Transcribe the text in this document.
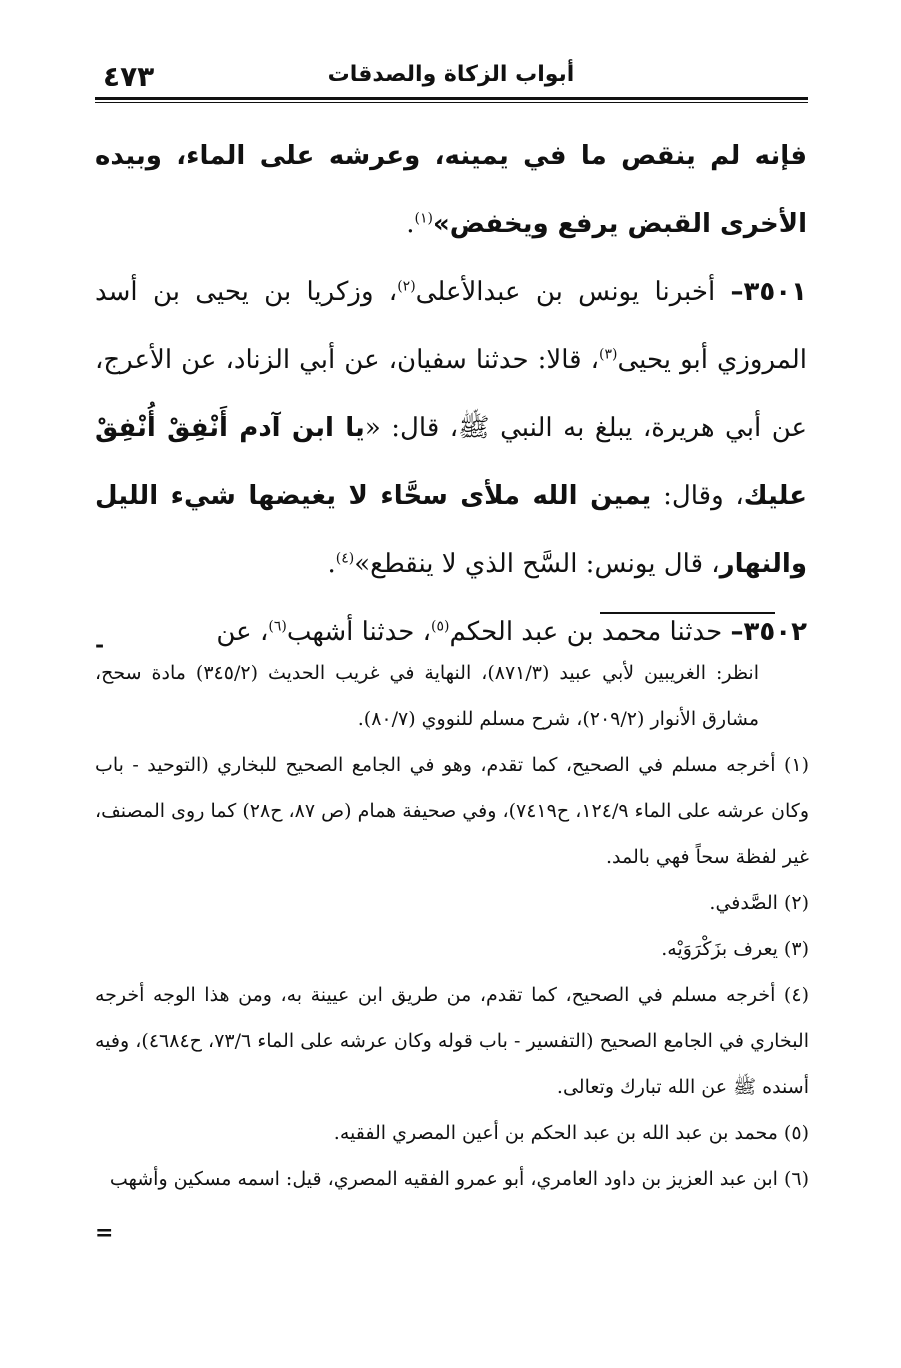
أبواب الزكاة والصدقات
٤٧٣

فإنه لم ينقص ما في يمينه، وعرشه على الماء، وبيده الأخرى القبض يرفع ويخفض»$^{(١)}$.

٣٥٠١– أخبرنا يونس بن عبدالأعلى$^{(٢)}$، وزكريا بن يحيى بن أسد المروزي أبو يحيى$^{(٣)}$، قالا: حدثنا سفيان، عن أبي الزناد، عن الأعرج، عن أبي هريرة، يبلغ به النبي ﷺ، قال: «يا ابن آدم أَنْفِقْ أُنْفِقْ عليك، وقال: يمين الله ملأى سحَّاء لا يغيضها شيء الليل والنهار، قال يونس: السَّح الذي لا ينقطع»$^{(٤)}$.

٣٥٠٢– حدثنا محمد بن عبد الحكم$^{(٥)}$، حدثنا أشهب$^{(٦)}$، عن

-

انظر: الغريبين لأبي عبيد (٨٧١/٣)، النهاية في غريب الحديث (٣٤٥/٢) مادة سحح، مشارق الأنوار (٢٠٩/٢)، شرح مسلم للنووي (٨٠/٧).

(١) أخرجه مسلم في الصحيح، كما تقدم، وهو في الجامع الصحيح للبخاري (التوحيد - باب وكان عرشه على الماء ١٢٤/٩، ح٧٤١٩)، وفي صحيفة همام (ص ٨٧، ح٢٨) كما روى المصنف، غير لفظة سحاً فهي بالمد.

(٢) الصَّدفي.

(٣) يعرف بزَكْرَوَيْه.

(٤) أخرجه مسلم في الصحيح، كما تقدم، من طريق ابن عيينة به، ومن هذا الوجه أخرجه البخاري في الجامع الصحيح (التفسير - باب قوله وكان عرشه على الماء ٧٣/٦، ح٤٦٨٤)، وفيه أسنده ﷺ عن الله تبارك وتعالى.

(٥) محمد بن عبد الله بن عبد الحكم بن أعين المصري الفقيه.

(٦) ابن عبد العزيز بن داود العامري، أبو عمرو الفقيه المصري، قيل: اسمه مسكين وأشهب

=
